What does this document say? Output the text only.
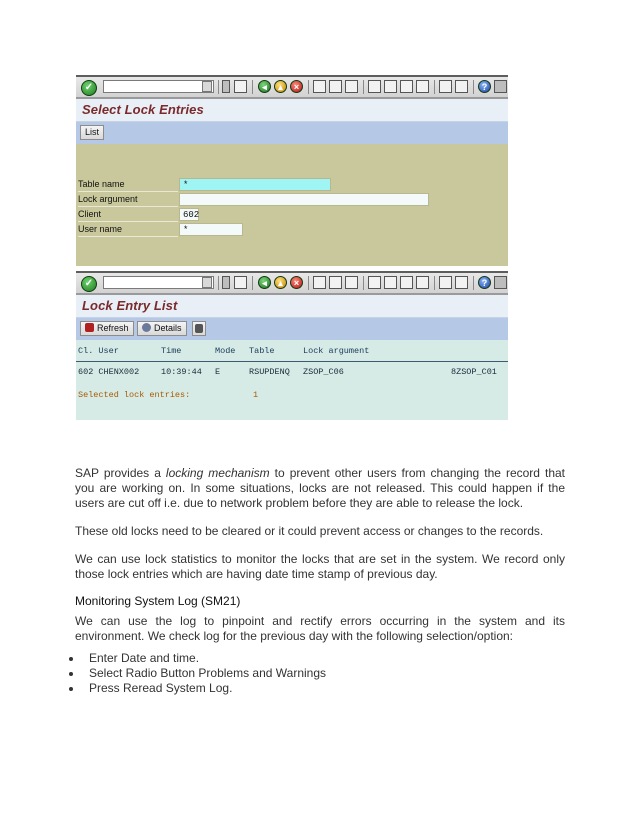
✓	◂	▴	×	?
Select Lock Entries
List
Table name	*
Lock argument
Client	602
User name	*
✓	◂	▴	×	?
Lock Entry List
Refresh	Details
Cl. User	Time	Mode Table	Lock argument
602 CHENX002	10:39:44 E	RSUPDENQ ZSOP_C06	8ZSOP_C01
Selected lock entries:	1
SAP provides a locking mechanism to prevent other users from changing the record that you are working on. In some situations, locks are not released. This could happen if the users are cut off i.e. due to network problem before they are able to release the lock.
These old locks need to be cleared or it could prevent access or changes to the records.
We can use lock statistics to monitor the locks that are set in the system. We record only those lock entries which are having date time stamp of previous day.
Monitoring System Log (SM21)
We can use the log to pinpoint and rectify errors occurring in the system and its environment. We check log for the previous day with the following selection/option:
Enter Date and time.
Select Radio Button Problems and Warnings
Press Reread System Log.
